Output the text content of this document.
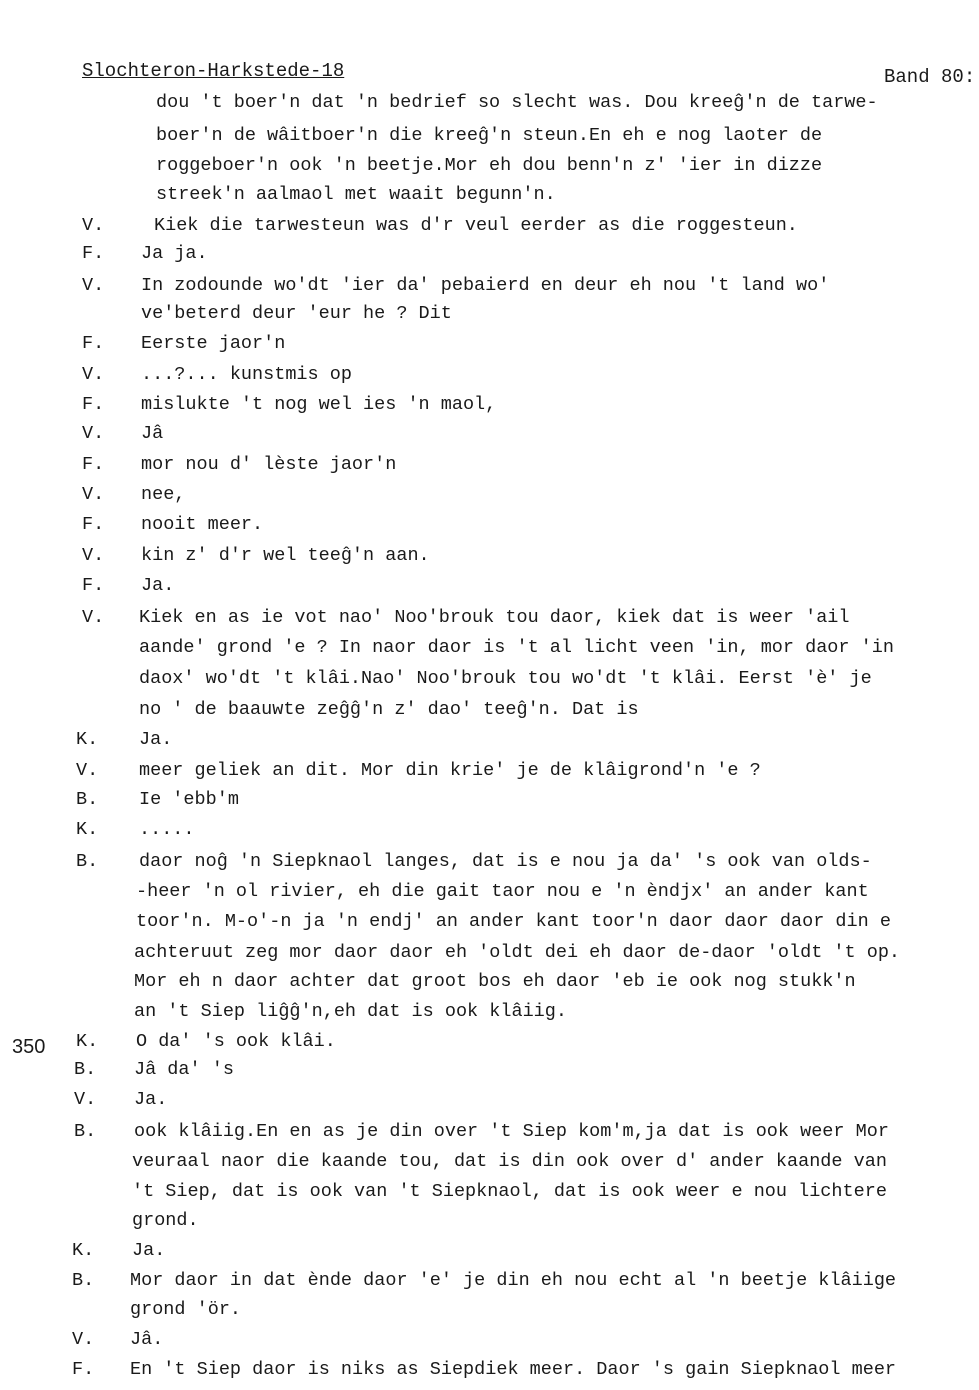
Slochteron-Harkstede-18	Band 80:
350
dou 't boer'n dat 'n bedrief so slecht was. Dou kreeĝ'n de tarwe-
boer'n de wâitboer'n die kreeĝ'n steun.En eh e nog laoter de
roggeboer'n ook 'n beetje.Mor eh dou benn'n z' 'ier in dizze
streek'n aalmaol met waait begunn'n.
V.	Kiek die tarwesteun was d'r veul eerder as die roggesteun.
F. Ja ja.
V. In zodounde wo'dt 'ier da' pebaierd en deur eh nou 't land wo'
ve'beterd deur 'eur he ? Dit
F. Eerste jaor'n
V. ...?... kunstmis op
F. mislukte 't nog wel ies 'n maol,
V. Jâ
F. mor nou d' lèste jaor'n
V. nee,
F. nooit meer.
V. kin z' d'r wel teeĝ'n aan.
F. Ja.
V. Kiek en as ie vot nao' Noo'brouk tou daor, kiek dat is weer 'ail
aande' grond 'e ? In naor daor is 't al licht veen 'in, mor daor 'in
daox' wo'dt 't klâi.Nao' Noo'brouk tou wo'dt 't klâi. Eerst 'è' je
no ' de baauwte zeĝĝ'n z' dao' teeĝ'n. Dat is
K. Ja.
V. meer geliek an dit. Mor din krie' je de klâigrond'n 'e ?
B. Ie 'ebb'm
K. .....
B. daor noĝ 'n Siepknaol langes, dat is e nou ja da' 's ook van olds-
-heer 'n ol rivier, eh die gait taor nou e 'n èndjx' an ander kant
toor'n. M-o'-n ja 'n endj' an ander kant toor'n daor daor daor din e
achteruut zeg mor daor daor eh 'oldt dei eh daor de-daor 'oldt 't op.
Mor eh n daor achter dat groot bos eh daor 'eb ie ook nog stukk'n
an 't Siep liĝĝ'n,eh dat is ook klâiig.
K. O da' 's ook klâi.
B. Jâ da' 's
V. Ja.
B. ook klâiig.En en as je din over 't Siep kom'm,ja dat is ook weer Mor
veuraal naor die kaande tou, dat is din ook over d' ander kaande van
't Siep, dat is ook van 't Siepknaol, dat is ook weer e nou lichtere
grond.
K. Ja.
B. Mor daor in dat ènde daor 'e' je din eh nou echt al 'n beetje klâiige
grond 'ör.
V. Jâ.
F. En 't Siep daor is niks as Siepdiek meer. Daor 's gain Siepknaol meer
